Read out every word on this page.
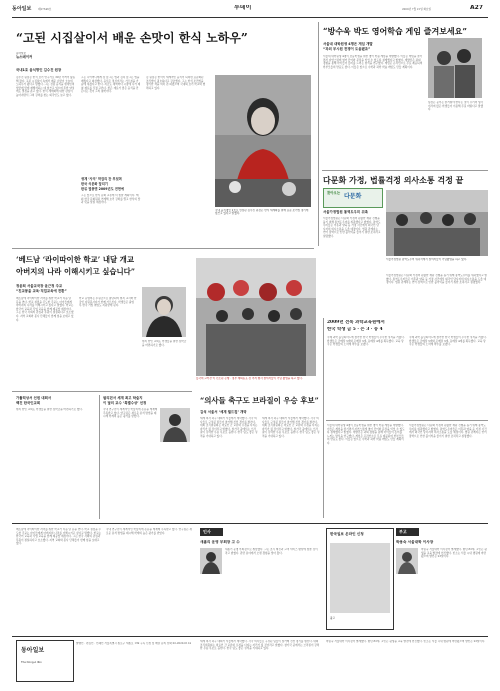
동아일보	제27346호	투데이	2009년 7월 21일 화요일	A27
“고된 시집살이서 배운 손맛이 한식 노하우”
동아일보
뉴스메이커
국내1호 음식명인 김수진 원장
김수진 원장은 한식 요리 연구가로 30년 가까이 활동해 왔다. 고된 시집살이 속에서 배운 손맛이 오늘의 노하우가 됐다고 말했다. 그는 전통 음식을 현대인의 입맛에 맞게 재해석하는 데 힘쓰고 있으며 후학 양성에도 열정을 쏟고 있다. 한식 세계화에 대한 관심이 높아지면서 그의 강의를 찾는 외국인도 늘고 있다.
그는 시어머니에게 장 담그는 법과 김치 담그는 법을 배웠다고 회상했다. 음식은 정성이라는 가르침을 가슴에 새겼다고 한다. 지금도 새벽마다 시장에 나가 제철 재료를 직접 고른다. 좋은 재료가 좋은 음식을 만든다는 것이 그의 철학이다.
생계 ‘사직’ 막걸리 잔 부딪며
한국 식문화 알리기
한류 열풍엔 2009년도 전면에
그는 앞으로 한식 문화 교류에 더 힘쓸 계획이다. 해외 한국 문화원과 연계해 요리 강좌를 열고 한식의 맛과 멋을 알릴 예정이다.
김 원장은 한식이 세계적인 음식이 되려면 표준화된 조리법이 필요하다고 강조했다. 그는 한식 조리법을 정리한 책을 여러 권 펴냈으며 국내외 요리 학교와 협력하고 있다.
국내 음식명인 1호로 선정된 김수진 원장은 한식 세계화를 위해 표준 조리법 정리에 힘쓰고 있다고 말했다.
“방수욱 박도 영어학습 게임 즐겨보세요”
서울대 대학원생 4명은 게임 개발
“과외 부시원 전쟁이 도움됐죠”
서울대 대학원생 4명이 초등학생을 위한 영어 학습 게임을 개발했다. 이들은 게임을 즐기면서 자연스럽게 영어 단어와 문장을 익힐 수 있도록 설계했다고 밝혔다. 개발진은 과외 경험을 통해 아이들이 흥미를 느끼는 방식을 연구했다. 게임은 온라인으로 무료 제공되며 학부모들의 반응도 좋다. 이들은 앞으로 수학과 과학 학습 게임도 만들 계획이다.
팀장은 공부는 즐거워야 한다는 것이 우리의 생각이라며 많은 학생들이 이용해 주길 바란다고 말했다.
다문화 가정, 법률걱정 의사소통 걱정 끝
찾아오는 다문화
서울가정법원 통역도우미 위촉
서울가정법원은 다문화 가정의 원활한 재판 진행을 돕기 위해 통역도우미를 위촉했다고 밝혔다. 통역도우미들은 이혼과 양육 등 가정 사건에서 외국인 당사자의 의사소통을 도울 예정이다. 법원 관계자는 언어 장벽으로 인한 불이익을 줄이기 위한 조치라고 설명했다.
서울가정법원 통역도우미 위촉식에서 참석자들이 기념촬영을 하고 있다.
서울가정법원은 다문화 가정의 원활한 재판 진행을 돕기 위해 통역도우미를 위촉했다고 밝혔다. 통역도우미들은 이혼과 양육 등 가정 사건에서 외국인 당사자의 의사소통을 도울 예정이다. 법원 관계자는 언어 장벽으로 인한 불이익을 줄이기 위한 조치라고 설명했다.
‘베드남 ‘라이따이한 학교’ 내달 개교
아버지의 나라 이해시키고 싶습니다”
정윤희 서울교국장 윤근정 주교
“친교봉을 교육·직업교육에 전환”
베트남에 라이따이한 자녀를 위한 학교가 다음 달 문을 연다. 학교 설립을 주도한 주교는 아이들에게 아버지의 나라를 이해시키고 싶다고 말했다. 학교는 한국어 교육과 직업 교육을 함께 제공할 예정이다. 그는 한국 사회의 관심과 후원이 절실하다고 호소했다. 지역 교회와 봉사 단체들이 함께 힘을 보태고 있다.
학교 운영비는 후원금으로 충당되며 현지 교사와 한국인 자원봉사자가 함께 가르친다. 학생들은 졸업 후 한국 기업 취업도 지원받게 된다.
현지 한인 교회도 학생들을 위한 장학금을 마련하기로 했다.
가톨릭상서 선원 대회서
백진 한국인교회
현지 한인 교회도 학생들을 위한 장학금을 마련하기로 했다.
필리핀서 세계 최고 학술지
이 달의 교수 ‘특별수상’ 선정
국내 연구진이 세계적인 학술지에 논문을 게재해 주목받고 있다. 연구팀은 새로운 분석 방법을 제시해 학계의 높은 평가를 받았다.
흥국의 고티잔 이 민소원 은행 · 정부 재외동포 장 추석 행사 참석자들이 기념 촬영을 하고 있다.
“의사들 축구도 브라질이 우승 후보”
김석 서울서 ‘세계 월드컵’ 개막
세계 의사 축구 대회가 서울에서 개막했다. 각국 의사들로 구성된 팀들이 참가해 친선 경기를 펼친다. 대회 조직위원회는 의료인 간 교류와 우정을 다지는 자리가 될 것이라고 밝혔다. 참가국 중에서는 브라질이 강력한 우승 후보로 꼽힌다. 한국 팀도 좋은 성적을 기대하고 있다.
세계 의사 축구 대회가 서울에서 개막했다. 각국 의사들로 구성된 팀들이 참가해 친선 경기를 펼친다. 대회 조직위원회는 의료인 간 교류와 우정을 다지는 자리가 될 것이라고 밝혔다. 참가국 중에서는 브라질이 강력한 우승 후보로 꼽힌다. 한국 팀도 좋은 성적을 기대하고 있다.
2009년 전북 과학교육원에서
한국 학생 금 5 · 은 3 · 동 4
국제 과학 올림피아드에 참가한 한국 학생들이 우수한 성적을 거뒀다. 학생들은 금메달 5개와 은메달 3개, 동메달 4개를 획득했다. 교육 당국은 학생들의 노력에 박수를 보냈다.
국제 과학 올림피아드에 참가한 한국 학생들이 우수한 성적을 거뒀다. 학생들은 금메달 5개와 은메달 3개, 동메달 4개를 획득했다. 교육 당국은 학생들의 노력에 박수를 보냈다.
서울대 대학원생 4명이 초등학생을 위한 영어 학습 게임을 개발했다. 이들은 게임을 즐기면서 자연스럽게 영어 단어와 문장을 익힐 수 있도록 설계했다고 밝혔다. 개발진은 과외 경험을 통해 아이들이 흥미를 느끼는 방식을 연구했다. 게임은 온라인으로 무료 제공되며 학부모들의 반응도 좋다. 이들은 앞으로 수학과 과학 학습 게임도 만들 계획이다.
서울가정법원은 다문화 가정의 원활한 재판 진행을 돕기 위해 통역도우미를 위촉했다고 밝혔다. 통역도우미들은 이혼과 양육 등 가정 사건에서 외국인 당사자의 의사소통을 도울 예정이다. 법원 관계자는 언어 장벽으로 인한 불이익을 줄이기 위한 조치라고 설명했다.
인사
새롬리 운영 부회장 고 수
새롬리 운영 부회장으로 취임했다. 그는 조직 혁신과 고객 서비스 향상에 힘쓸 것이라고 밝혔다. 관련 분야에서 오랜 경험을 쌓아 왔다.
한국일보 온라인 신청
광고
부고
박용숙 서울대학 이사장
박용숙 서울대학 이사장이 별세했다. 향년 82세. 고인은 평생을 교육 발전에 헌신했다. 빈소는 서울 시내 병원에 마련됐으며 발인은 23일이다.
베트남에 라이따이한 자녀를 위한 학교가 다음 달 문을 연다. 학교 설립을 주도한 주교는 아이들에게 아버지의 나라를 이해시키고 싶다고 말했다. 학교는 한국어 교육과 직업 교육을 함께 제공할 예정이다. 그는 한국 사회의 관심과 후원이 절실하다고 호소했다. 지역 교회와 봉사 단체들이 함께 힘을 보태고 있다.
국내 연구진이 세계적인 학술지에 논문을 게재해 주목받고 있다. 연구팀은 새로운 분석 방법을 제시해 학계의 높은 평가를 받았다.
동아일보
The Dong-A Ilbo
발행인 · 편집인 · 인쇄인 서울특별시 종로구 세종로 139 구독 신청 및 배달 문의 전화 02-2020-0114
세계 의사 축구 대회가 서울에서 개막했다. 각국 의사들로 구성된 팀들이 참가해 친선 경기를 펼친다. 대회 조직위원회는 의료인 간 교류와 우정을 다지는 자리가 될 것이라고 밝혔다. 참가국 중에서는 브라질이 강력한 우승 후보로 꼽힌다. 한국 팀도 좋은 성적을 기대하고 있다.
박용숙 서울대학 이사장이 별세했다. 향년 82세. 고인은 평생을 교육 발전에 헌신했다. 빈소는 서울 시내 병원에 마련됐으며 발인은 23일이다.
